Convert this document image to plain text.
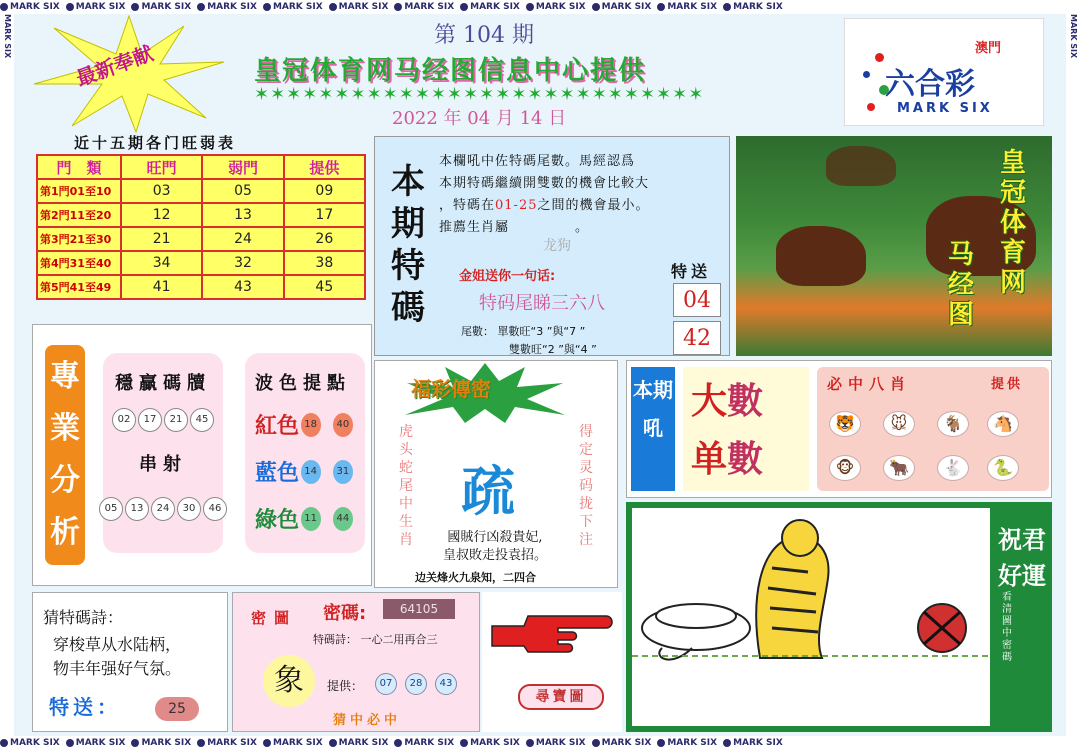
MARK SIX MARK SIX MARK SIX MARK SIX MARK SIX MARK SIX MARK SIX MARK SIX MARK SIX MARK SIX MARK SIX MARK SIX
MARK SIX MARK SIX MARK SIX MARK SIX MARK SIX MARK SIX MARK SIX MARK SIX MARK SIX MARK SIX MARK SIX MARK SIX
MARK SIX	MARK SIX
最新奉献
第 104 期
皇冠体育网马经图信息中心提供
✶✶✶✶✶✶✶✶✶✶✶✶✶✶✶✶✶✶✶✶✶✶✶✶✶✶✶✶
2022 年 04 月 14 日
澳門
六合彩
MARK SIX
近十五期各门旺弱表
門　類	旺門	弱門	提供
第1門01至10	03	05	09
第2門11至20	12	13	17
第3門21至30	21	24	26
第4門31至40	34	32	38
第5門41至49	41	43	45
本期特碼
本欄吼中佐特碼尾數。馬經認爲
本期特碼繼續開雙數的機會比較大
，特碼在01-25之間的機會最小。
推薦生肖屬	。
龙狗
金姐送你一句话:	特送
特码尾睇三六八	04
42
尾數： 單數旺“3 ”與“7 ”
雙數旺“2 ”與“4 ”
马经图
皇冠体育网
專業分析
穩贏碼牘
02 17 21 45
串射
05 13 24 30 46
波色提點
紅色 18	40
藍色 14	31
綠色 11	44
福彩傳密
虎头蛇尾中生肖
得定灵码拢下注
疏
國賊行凶殺貴妃,
皇叔敗走投袁招。
边关烽火九泉知，二四合
本期吼
大數
单數
必中八肖	提供
🐯	🐭	🐐	🐴
🐵	🐂	🐇	🐍
祝君好運
看清圖中密碼
猜特碼詩：
穿梭草从水陆柄，
物丰年强好气氛。
特送：	25
密圖 密碼:	64105
特碼詩： 一心二用再合三
象	提供：	07	28	43
猜中必中
尋寶圖
